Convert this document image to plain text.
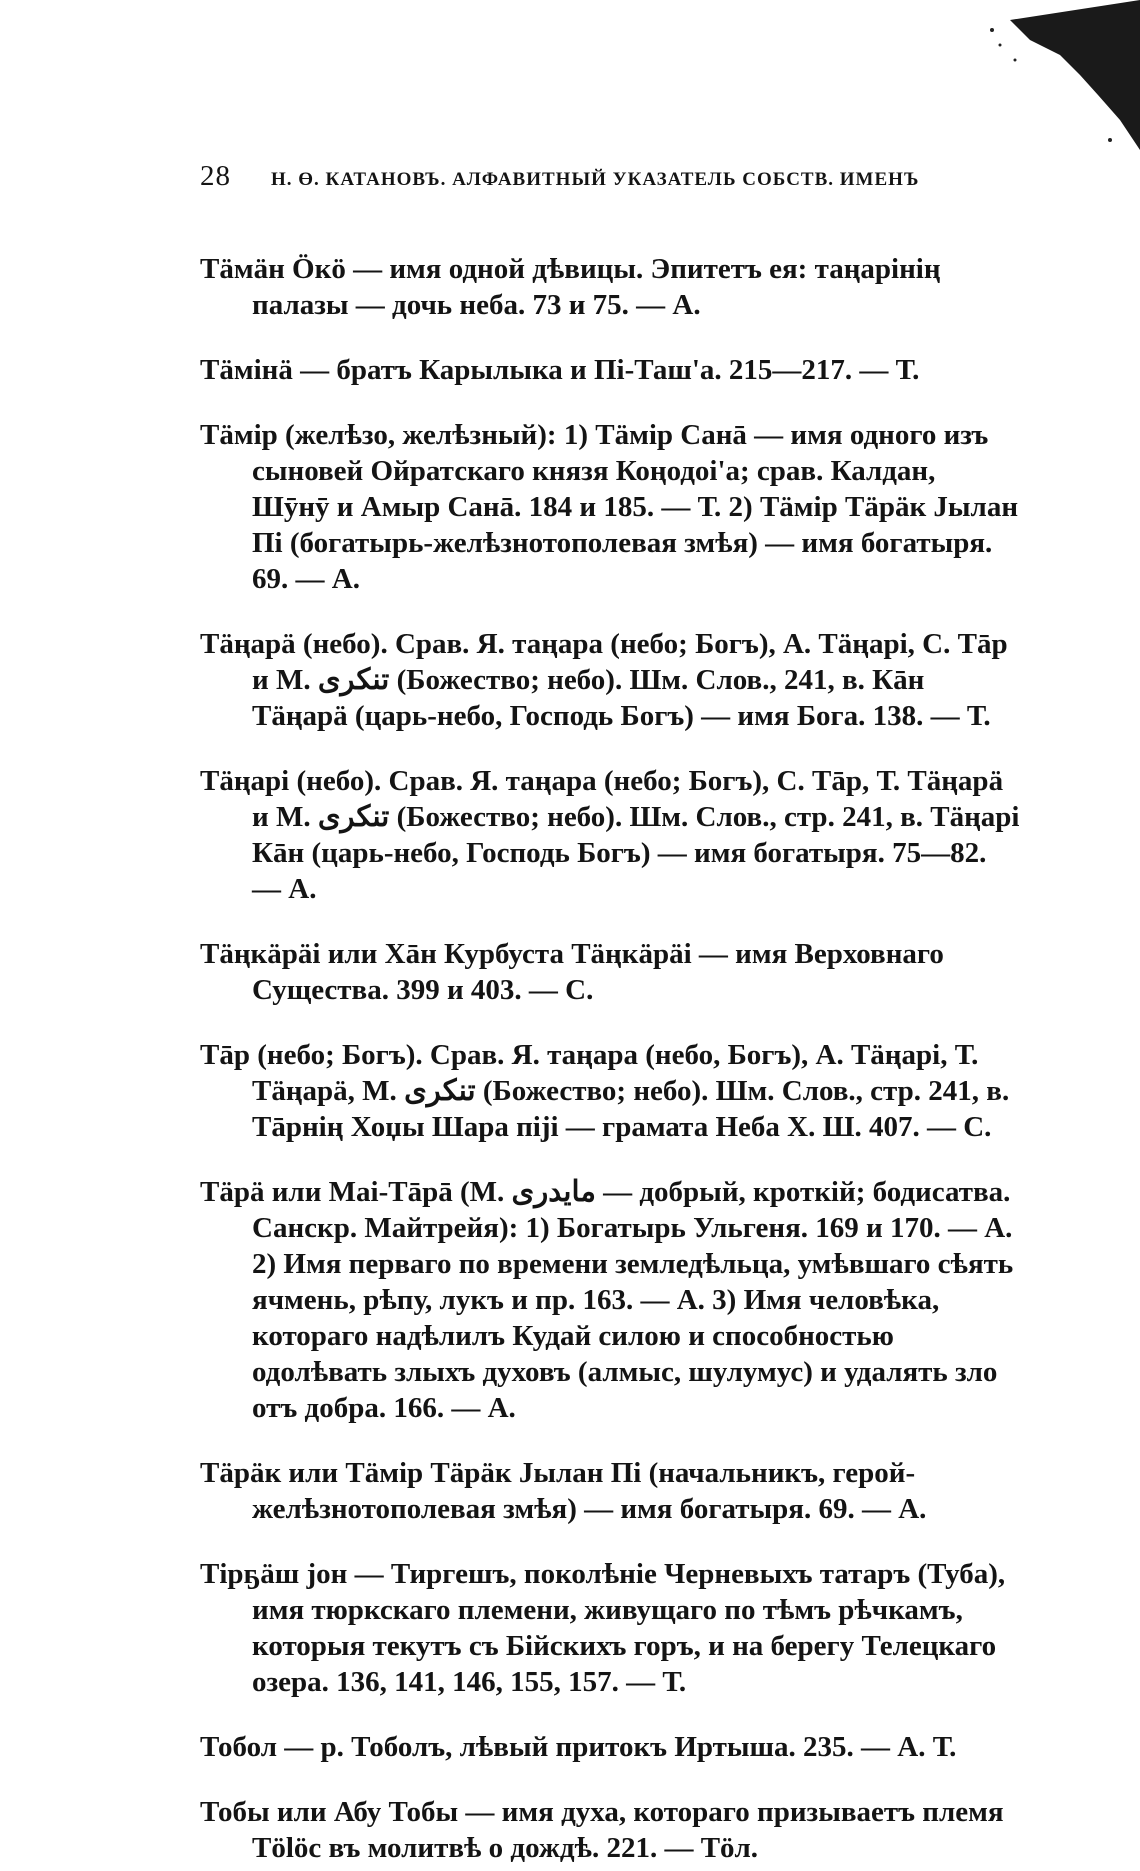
28 Н. Ө. КАТАНОВЪ. АЛФАВИТНЫЙ УКАЗАТЕЛЬ СОБСТВ. ИМЕНЪ

Тӓмӓн Ӧкӧ — имя одной дѣвицы. Эпитетъ ея: таңарiнiң палазы — дочь неба. 73 и 75. — А.

Тӓмiнӓ — братъ Карылыка и Пi-Таш'а. 215—217. — Т.

Тӓмiр (желѣзо, желѣзный): 1) Тӓмiр Санā — имя одного изъ сыновей Ойратскаго князя Коңодоi'а; срав. Калдан, Шӯнӯ и Амыр Санā. 184 и 185. — Т. 2) Тӓмiр Тӓрӓк Јылан Пi (богатырь-желѣзнотополевая змѣя) — имя богатыря. 69. — А.

Тӓңарӓ (небо). Срав. Я. таңара (небо; Богъ), А. Тӓңарi, С. Тāр и М. تنكرى (Божество; небо). Шм. Слов., 241, в. Кāн Тӓңарӓ (царь-небо, Господь Богъ) — имя Бога. 138. — Т.

Тӓңарi (небо). Срав. Я. таңара (небо; Богъ), С. Тāр, Т. Тӓңарӓ и М. تنكرى (Божество; небо). Шм. Слов., стр. 241, в. Тӓңарi Кāн (царь-небо, Господь Богъ) — имя богатыря. 75—82. — А.

Тӓңкӓрӓi или Хāн Курбуста Тӓңкӓрӓi — имя Верховнаго Существа. 399 и 403. — С.

Тāр (небо; Богъ). Срав. Я. таңара (небо, Богъ), А. Тӓңарi, Т. Тӓңарӓ, М. تنكرى (Божество; небо). Шм. Слов., стр. 241, в. Тāрнiң Хоџы Шара пiјi — грамата Неба Х. Ш. 407. — С.

Тӓрӓ или Маi-Тāрā (М. مايدرى — добрый, кроткiй; бодисатва. Санскр. Майтрейя): 1) Богатырь Ульгеня. 169 и 170. — А. 2) Имя перваго по времени земледѣльца, умѣвшаго сѣять ячмень, рѣпу, лукъ и пр. 163. — А. 3) Имя человѣка, котораго надѣлилъ Кудай силою и способностью одолѣвать злыхъ духовъ (алмыс, шулумус) и удалять зло отъ добра. 166. — А.

Тӓрӓк или Тӓмiр Тӓрӓк Јылан Пi (начальникъ, герой-желѣзнотополевая змѣя) — имя богатыря. 69. — А.

Тiрҕӓш јон — Тиргешъ, поколѣнiе Черневыхъ татаръ (Туба), имя тюркскаго племени, живущаго по тѣмъ рѣчкамъ, которыя текутъ съ Бiйскихъ горъ, и на берегу Телецкаго озера. 136, 141, 146, 155, 157. — Т.

Тобол — р. Тоболъ, лѣвый притокъ Иртыша. 235. — А. Т.

Тобы или Абу Тобы — имя духа, котораго призываетъ племя Тӧlӧс въ молитвѣ о дождѣ. 221. — Тӧл.
